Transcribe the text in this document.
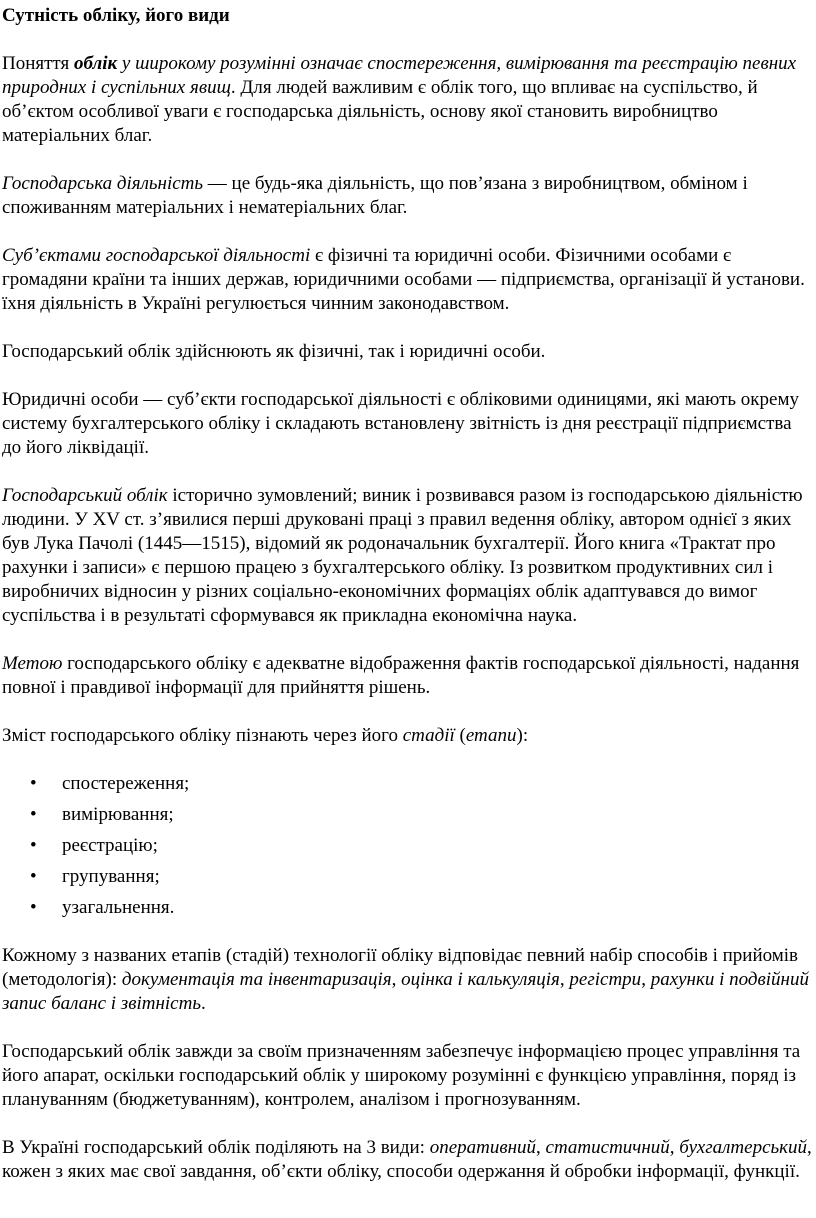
Сутність обліку, його види

Поняття облік у широкому розумінні означає спостереження, вимірювання та реєстрацію певних природних і суспільних явищ. Для людей важливим є облік того, що впливає на суспільство, й об’єктом особливої уваги є господарська діяльність, основу якої становить виробництво матеріальних благ.

Господарська діяльність — це будь-яка діяльність, що пов’язана з виробництвом, обміном і споживанням матеріальних і нематеріальних благ.

Суб’єктами господарської діяльності є фізичні та юридичні особи. Фізичними особами є громадяни країни та інших держав, юридичними особами — підприємства, організації й установи. їхня діяльність в Україні регулюється чинним законодавством.

Господарський облік здійснюють як фізичні, так і юридичні особи.

Юридичні особи — суб’єкти господарської діяльності є обліковими одиницями, які мають окрему систему бухгалтерського обліку і складають встановлену звітність із дня реєстрації підприємства до його ліквідації.

Господарський облік історично зумовлений; виник і розвивався разом із господарською діяльністю людини. У XV ст. з’явилися перші друковані праці з правил ведення обліку, автором однієї з яких був Лука Пачолі (1445—1515), відомий як родоначальник бухгалтерії. Його книга «Трактат про рахунки і записи» є першою працею з бухгалтерського обліку. Із розвитком продуктивних сил і виробничих відносин у різних соціально-економічних формаціях облік адаптувався до вимог суспільства і в результаті сформувався як прикладна економічна наука.

Метою господарського обліку є адекватне відображення фактів господарської діяльності, надання повної і правдивої інформації для прийняття рішень.

Зміст господарського обліку пізнають через його стадії (етапи):

• спостереження;
• вимірювання;
• реєстрацію;
• групування;
• узагальнення.

Кожному з названих етапів (стадій) технології обліку відповідає певний набір способів і прийомів (методологія): документація та інвентаризація, оцінка і калькуляція, регістри, рахунки і подвійний запис баланс і звітність.

Господарський облік завжди за своїм призначенням забезпечує інформацією процес управління та його апарат, оскільки господарський облік у широкому розумінні є функцією управління, поряд із плануванням (бюджетуванням), контролем, аналізом і прогнозуванням.

В Україні господарський облік поділяють на 3 види: оперативний, статистичний, бухгалтерський, кожен з яких має свої завдання, об’єкти обліку, способи одержання й обробки інформації, функції.
